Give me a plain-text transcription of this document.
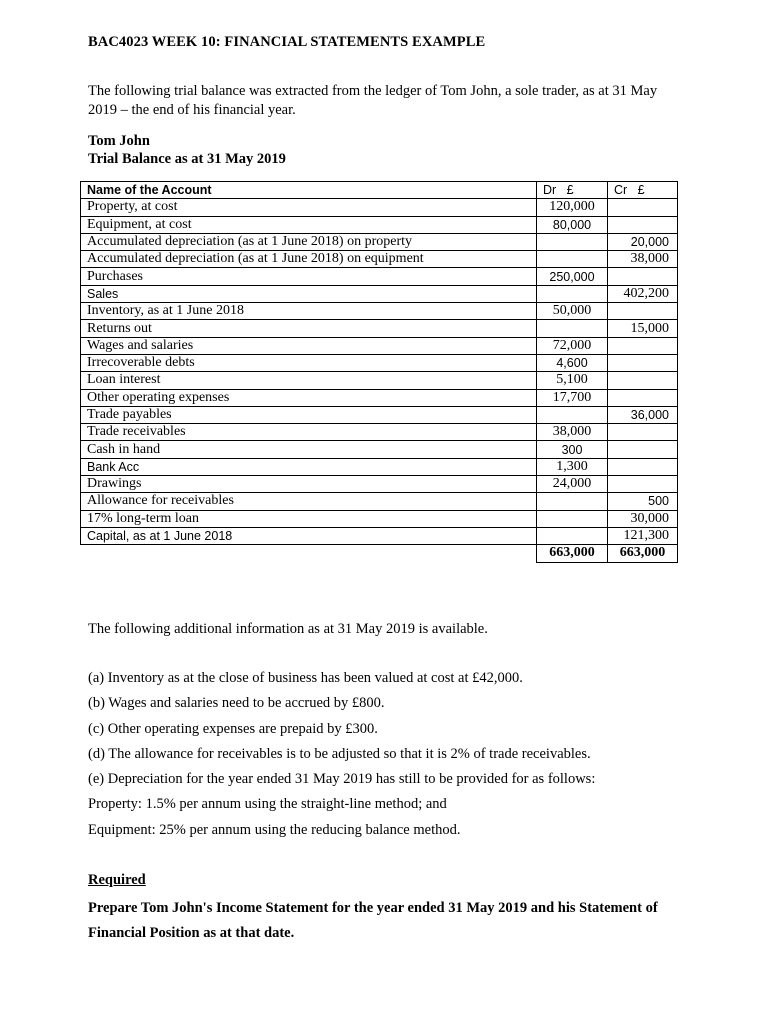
BAC4023 WEEK 10: FINANCIAL STATEMENTS EXAMPLE
The following trial balance was extracted from the ledger of Tom John, a sole trader, as at 31 May 2019 – the end of his financial year.
Tom John
Trial Balance as at 31 May 2019
Name of the Account	Dr   £	Cr   £
Property, at cost	120,000	
Equipment, at cost	80,000	
Accumulated depreciation (as at 1 June 2018) on property		20,000
Accumulated depreciation (as at 1 June 2018) on equipment		38,000
Purchases	250,000	
Sales		402,200
Inventory, as at 1 June 2018	50,000	
Returns out		15,000
Wages and salaries	72,000	
Irrecoverable debts	4,600	
Loan interest	5,100	
Other operating expenses	17,700	
Trade payables		36,000
Trade receivables	38,000	
Cash in hand	300	
Bank Acc	1,300	
Drawings	24,000	
Allowance for receivables		500
17% long-term loan		30,000
Capital, as at 1 June 2018		121,300
	663,000	663,000
The following additional information as at 31 May 2019 is available.
(a) Inventory as at the close of business has been valued at cost at £42,000.
(b) Wages and salaries need to be accrued by £800.
(c) Other operating expenses are prepaid by £300.
(d) The allowance for receivables is to be adjusted so that it is 2% of trade receivables.
(e) Depreciation for the year ended 31 May 2019 has still to be provided for as follows:
Property: 1.5% per annum using the straight-line method; and
Equipment: 25% per annum using the reducing balance method.
Required
Prepare Tom John's Income Statement for the year ended 31 May 2019 and his Statement of Financial Position as at that date.
